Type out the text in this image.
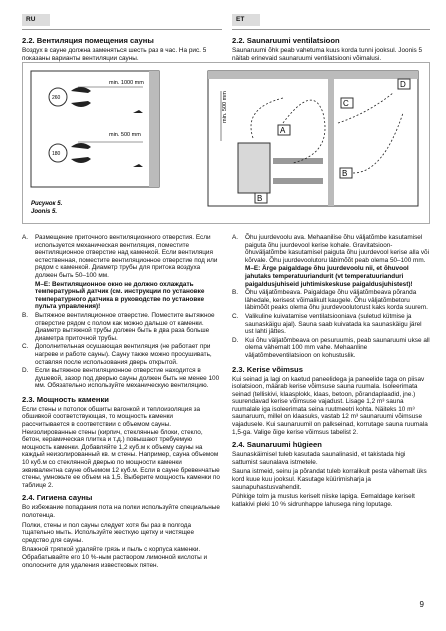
RU	ET
2.2. Вентиляция помещения сауны
Воздух в сауне должна заменяться шесть раз в час. На рис. 5 показаны варианты вентиляции сауны.
2.2. Saunaruumi ventilatsioon
Saunaruumi õhk peab vahetuma kuus korda tunni jooksul. Joonis 5 näitab erinevaid saunaruumi ventilatsiooni võimalusi.
min. 1000 mm
min. 500 mm
260
180
Рисунок 5.
Joonis 5.
min. 500 mm
A
B
B
C
D
A.	Размещение приточного вентиляционного отверстия. Если используется механическая вентиляция, поместите вентиляционное отверстие над каменкой. Если вентиляция естественная, поместите вентиляционное отверстие под или рядом с каменкой. Диаметр трубы для притока воздуха должен быть 50–100 мм.
М–Е: Вентиляционное окно не должно охлаждать температурный датчик (см. инструкции по установке температурного датчика в руководстве по установке пульта управления)!
B.	Вытяжное вентиляционное отверстие. Поместите вытяжное отверстие рядом с полом как можно дальше от каменки. Диаметр вытяжной трубы должен быть в два раза больше диаметра приточной трубы.
C.	Дополнительная осушающая вентиляция (не работает при нагреве и работе сауны). Сауну также можно просушивать, оставляя после использования дверь открытой.
D.	Если вытяжное вентиляционное отверстие находится в душевой, зазор под дверью сауны должен быть не менее 100 мм. Обязательно используйте механическую вентиляцию.
2.3. Мощность каменки
Если стены и потолок обшиты вагонкой и теплоизоляция за обшивкой соответствующая, то мощность каменки рассчитывается в соответствии с объемом сауны. Неизолированные стены (кирпич, стеклянные блоки, стекло, бетон, керамическая плитка и т.д.) повышают требуемую мощность каменки. Добавляйте 1,2 куб.м к объему сауны на каждый неизолированный кв. м стены. Например, сауна объемом 10 куб.м со стеклянной дверью по мощности каменки эквивалентна сауне объемом 12 куб.м. Если в сауне бревенчатые стены, умножьте ее объем на 1,5. Выберите мощность каменки по таблице 2.
2.4. Гигиена сауны
Во избежание попадания пота на полки используйте специальные полотенца.
Полки, стены и пол сауны следует хотя бы раз в полгода тщательно мыть. Используйте жесткую щетку и чистящее средство для сауны.
Влажной тряпкой удаляйте грязь и пыль с корпуса каменки. Обрабатывайте его 10 %-ным раствором лимонной кислоты и ополосните для удаления известковых пятен.
A.	Õhu juurdevoolu ava. Mehaanilise õhu väljatõmbe kasutamisel paiguta õhu juurdevool kerise kohale. Gravitatsioon-õhuväljatõmbe kasutamisel paiguta õhu juurdevool kerise alla või kõrvale. Õhu juurdevoolutoru läbimõõt peab olema 50–100 mm.
M–E: Ärge paigaldage õhu juurdevoolu nii, et õhuvool jahutaks temperatuuriandurit (vt temperatuurianduri paigaldusjuhiseid juhtimiskeskuse paigaldusjuhistest)!
B.	Õhu väljatõmbeava. Paigaldage õhu väljatõmbeava põranda lähedale, kerisest võimalikult kaugele. Õhu väljatõmbetoru läbimõõt peaks olema õhu juurdevoolutorust kaks korda suurem.
C.	Valikuline kuivatamise ventilatsiooniava (suletud kütmise ja saunaskäigu ajal). Sauna saab kuivatada ka saunaskäigu järel ust lahti jättes.
D.	Kui õhu väljatõmbeava on pesuruumis, peab saunaruumi ukse all olema vähemalt 100 mm vahe. Mehaanline väljatõmbeventilatsioon on kohustuslik.
2.3. Kerise võimsus
Kui seinad ja lagi on kaetud paneelidega ja paneelide taga on piisav isolatsioon, määrab kerise võimsuse sauna ruumala. Isoleerimata seinad (telliskivi, klaasplokk, klaas, betoon, põrandaplaadid, jne.) suurendavad kerise võimsuse vajadust. Lisage 1,2 m³ sauna ruumalale iga isoleerimata seina ruutmeetri kohta. Näiteks 10 m³ saunaruum, millel on klaasuks, vastab 12 m³ saunaruumi võimsuse vajadusele. Kui saunaruumil on palkseinad, korrutage sauna ruumala 1,5-ga. Valige õige kerise võimsus tabelist 2.
2.4. Saunaruumi hügieen
Saunaskäimisel tuleb kasutada saunalinasid, et takistada higi sattumist saunalava istmetele.
Sauna istmeid, seinu ja põrandat tuleb korralikult pesta vähemalt üks kord kuue kuu jooksul. Kasutage küürimisharja ja saunapuhastusvahendit.
Pühkige tolm ja mustus keriselt niiske lapiga. Eemaldage keriselt katlakivi pleki 10 % sidrunhappe lahusega ning loputage.
9
